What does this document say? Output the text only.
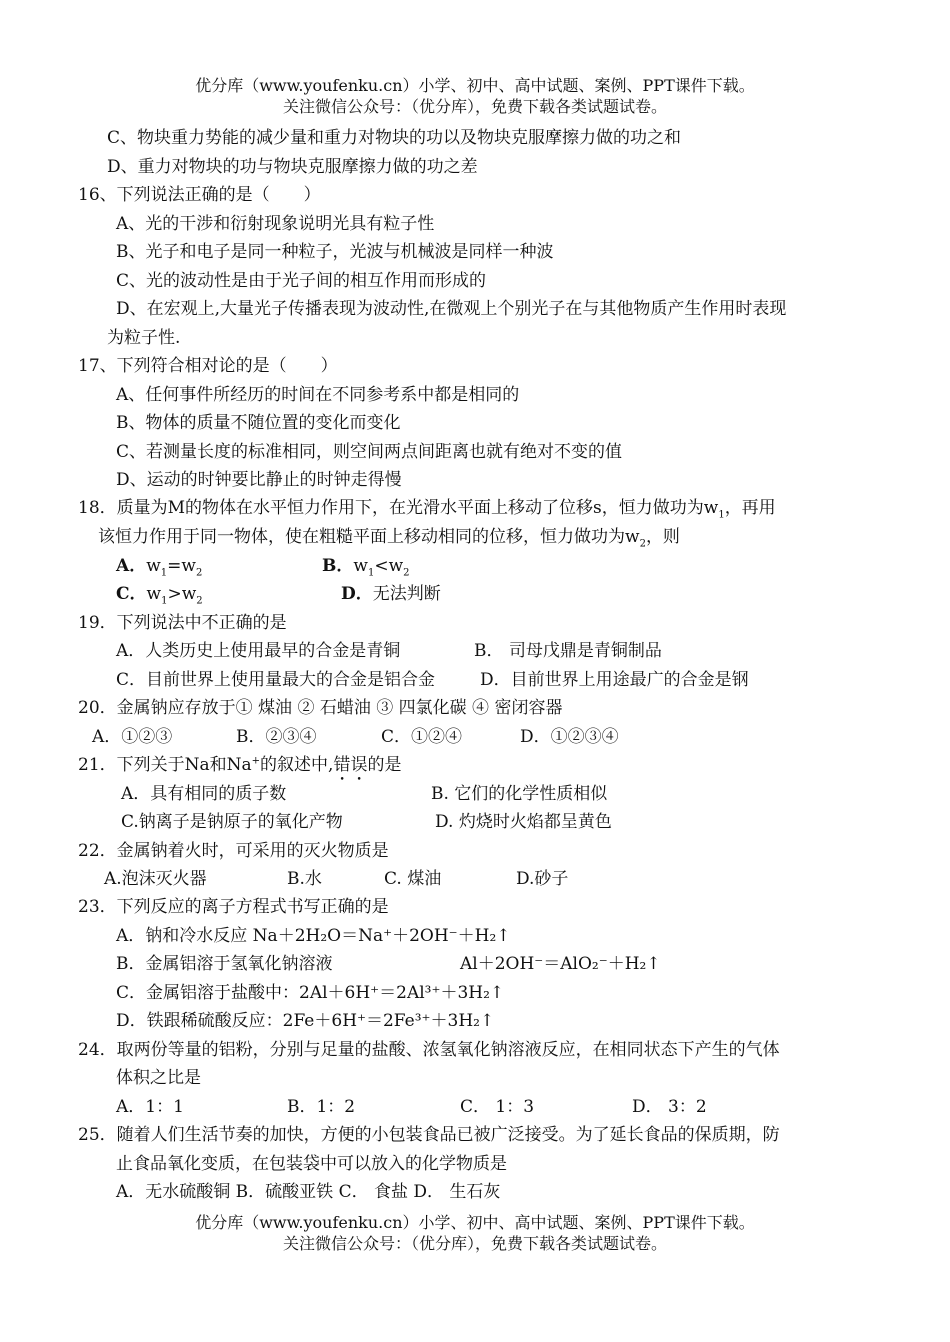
优分库（www.youfenku.cn）小学、初中、高中试题、案例、PPT课件下载。
关注微信公众号：（优分库），免费下载各类试题试卷。
C、物块重力势能的减少量和重力对物块的功以及物块克服摩擦力做的功之和
D、重力对物块的功与物块克服摩擦力做的功之差
16、下列说法正确的是（　　）
A、光的干涉和衍射现象说明光具有粒子性
B、光子和电子是同一种粒子，光波与机械波是同样一种波
C、光的波动性是由于光子间的相互作用而形成的
D、在宏观上,大量光子传播表现为波动性,在微观上个别光子在与其他物质产生作用时表现
为粒子性.
17、下列符合相对论的是（　　）
A、任何事件所经历的时间在不同参考系中都是相同的
B、物体的质量不随位置的变化而变化
C、若测量长度的标准相同，则空间两点间距离也就有绝对不变的值
D、运动的时钟要比静止的时钟走得慢
18．质量为M的物体在水平恒力作用下，在光滑水平面上移动了位移s，恒力做功为$w_1$，再用
该恒力作用于同一物体，使在粗糙平面上移动相同的位移，恒力做功为$w_2$，则
A．$w_1=w_2$	B．$w_1<w_2$
C．$w_1>w_2$	D．无法判断
19．下列说法中不正确的是
A．人类历史上使用最早的合金是青铜	B． 司母戊鼎是青铜制品
C．目前世界上使用量最大的合金是铝合金	D．目前世界上用途最广的合金是钢
20．金属钠应存放于① 煤油 ② 石蜡油 ③ 四氯化碳 ④ 密闭容器
A．①②③	B．②③④	C．①②④	D．①②③④
21．下列关于Na和Na+的叙述中,错误的是
A．具有相同的质子数	B. 它们的化学性质相似
C.钠离子是钠原子的氧化产物	D. 灼烧时火焰都呈黄色
22．金属钠着火时，可采用的灭火物质是
A.泡沫灭火器	B.水	C. 煤油	D.砂子
23．下列反应的离子方程式书写正确的是
A．钠和冷水反应 Na＋2H₂O＝Na⁺＋2OH⁻＋H₂↑
B．金属铝溶于氢氧化钠溶液	Al＋2OH⁻＝AlO₂⁻＋H₂↑
C．金属铝溶于盐酸中：2Al＋6H⁺＝2Al³⁺＋3H₂↑
D．铁跟稀硫酸反应：2Fe＋6H⁺＝2Fe³⁺＋3H₂↑
24．取两份等量的铝粉，分别与足量的盐酸、浓氢氧化钠溶液反应，在相同状态下产生的气体
体积之比是
A．1：1	B．1：2	C． 1：3	D． 3：2
25．随着人们生活节奏的加快，方便的小包装食品已被广泛接受。为了延长食品的保质期，防
止食品氧化变质，在包装袋中可以放入的化学物质是
A．无水硫酸铜 B．硫酸亚铁 C． 食盐 D． 生石灰
优分库（www.youfenku.cn）小学、初中、高中试题、案例、PPT课件下载。
关注微信公众号：（优分库），免费下载各类试题试卷。
